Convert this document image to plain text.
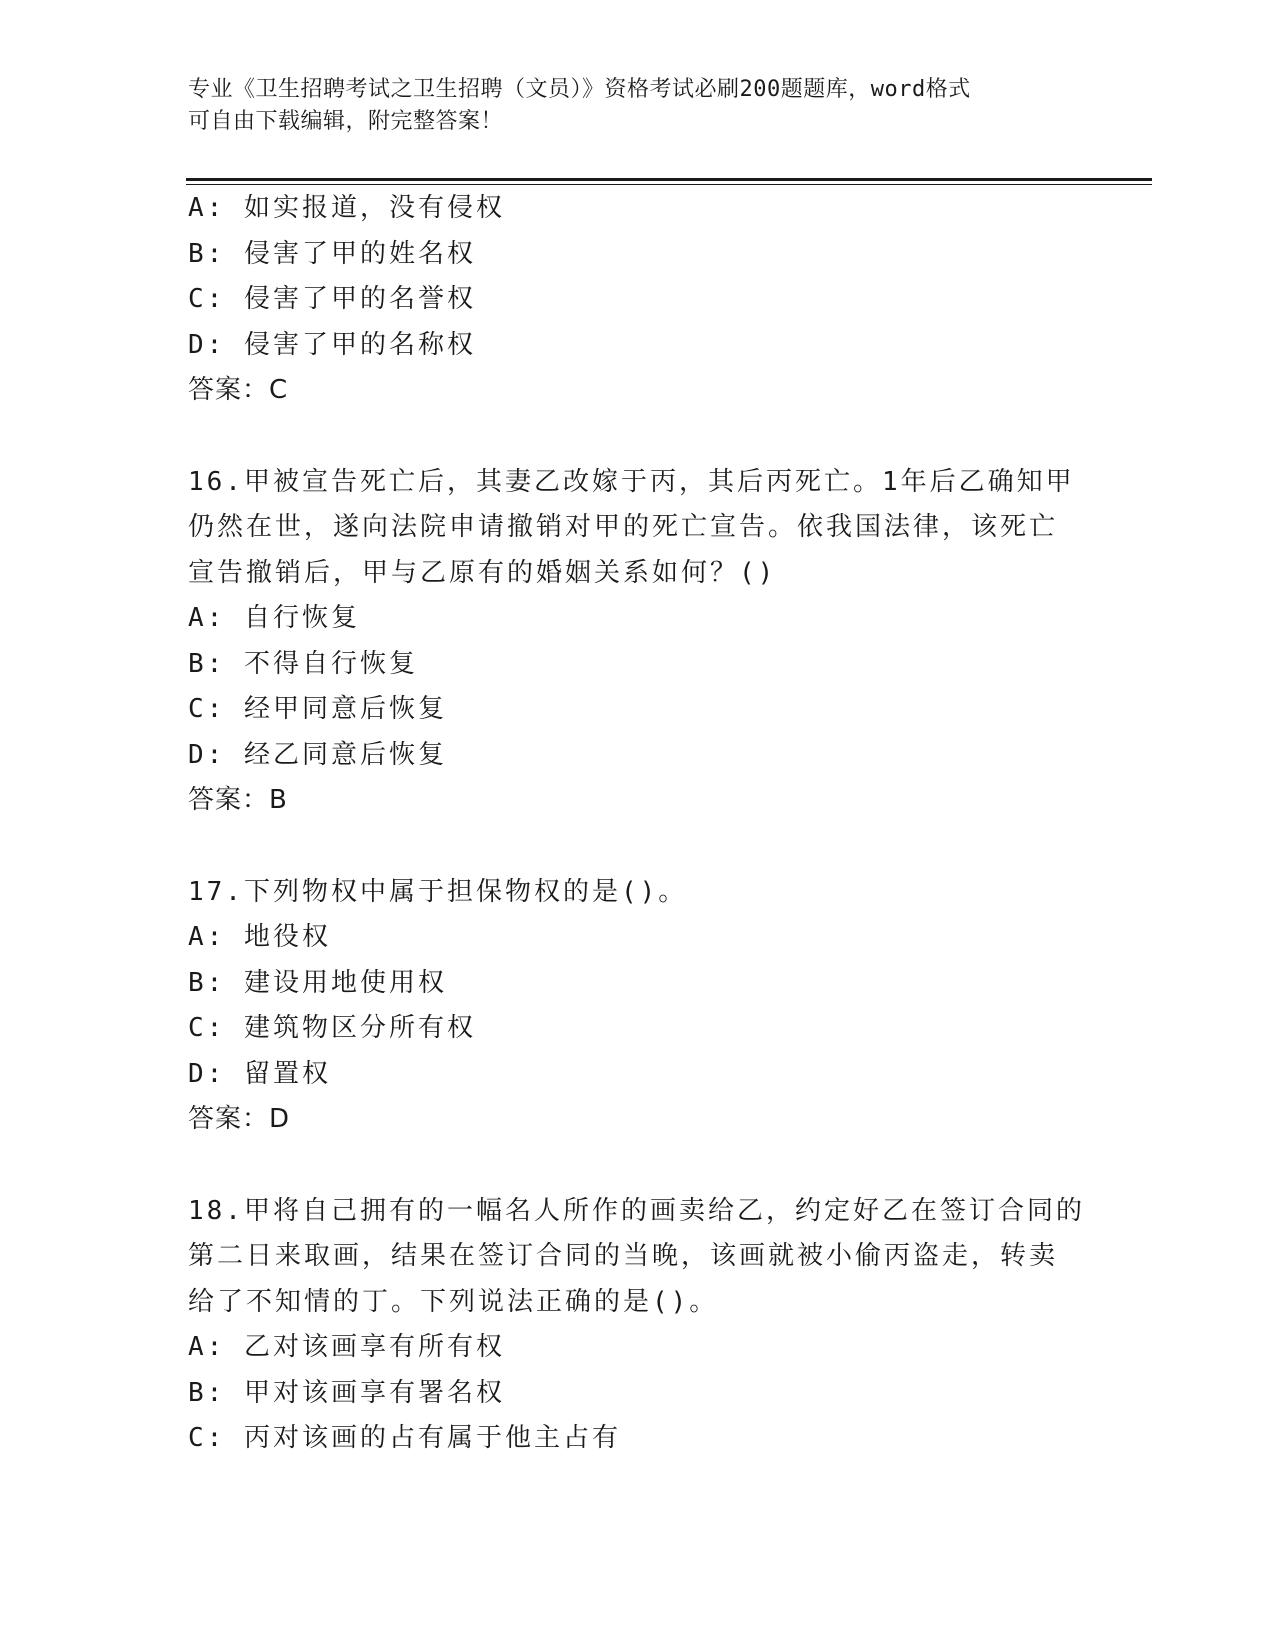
专业《卫生招聘考试之卫生招聘（文员）》资格考试必刷200题题库，word格式
可自由下载编辑，附完整答案！
A: 如实报道，没有侵权
B: 侵害了甲的姓名权
C: 侵害了甲的名誉权
D: 侵害了甲的名称权
答案：C
16.甲被宣告死亡后，其妻乙改嫁于丙，其后丙死亡。1年后乙确知甲
仍然在世，遂向法院申请撤销对甲的死亡宣告。依我国法律，该死亡
宣告撤销后，甲与乙原有的婚姻关系如何？()
A: 自行恢复
B: 不得自行恢复
C: 经甲同意后恢复
D: 经乙同意后恢复
答案：B
17.下列物权中属于担保物权的是()。
A: 地役权
B: 建设用地使用权
C: 建筑物区分所有权
D: 留置权
答案：D
18.甲将自己拥有的一幅名人所作的画卖给乙，约定好乙在签订合同的
第二日来取画，结果在签订合同的当晚，该画就被小偷丙盗走，转卖
给了不知情的丁。下列说法正确的是()。
A: 乙对该画享有所有权
B: 甲对该画享有署名权
C: 丙对该画的占有属于他主占有
